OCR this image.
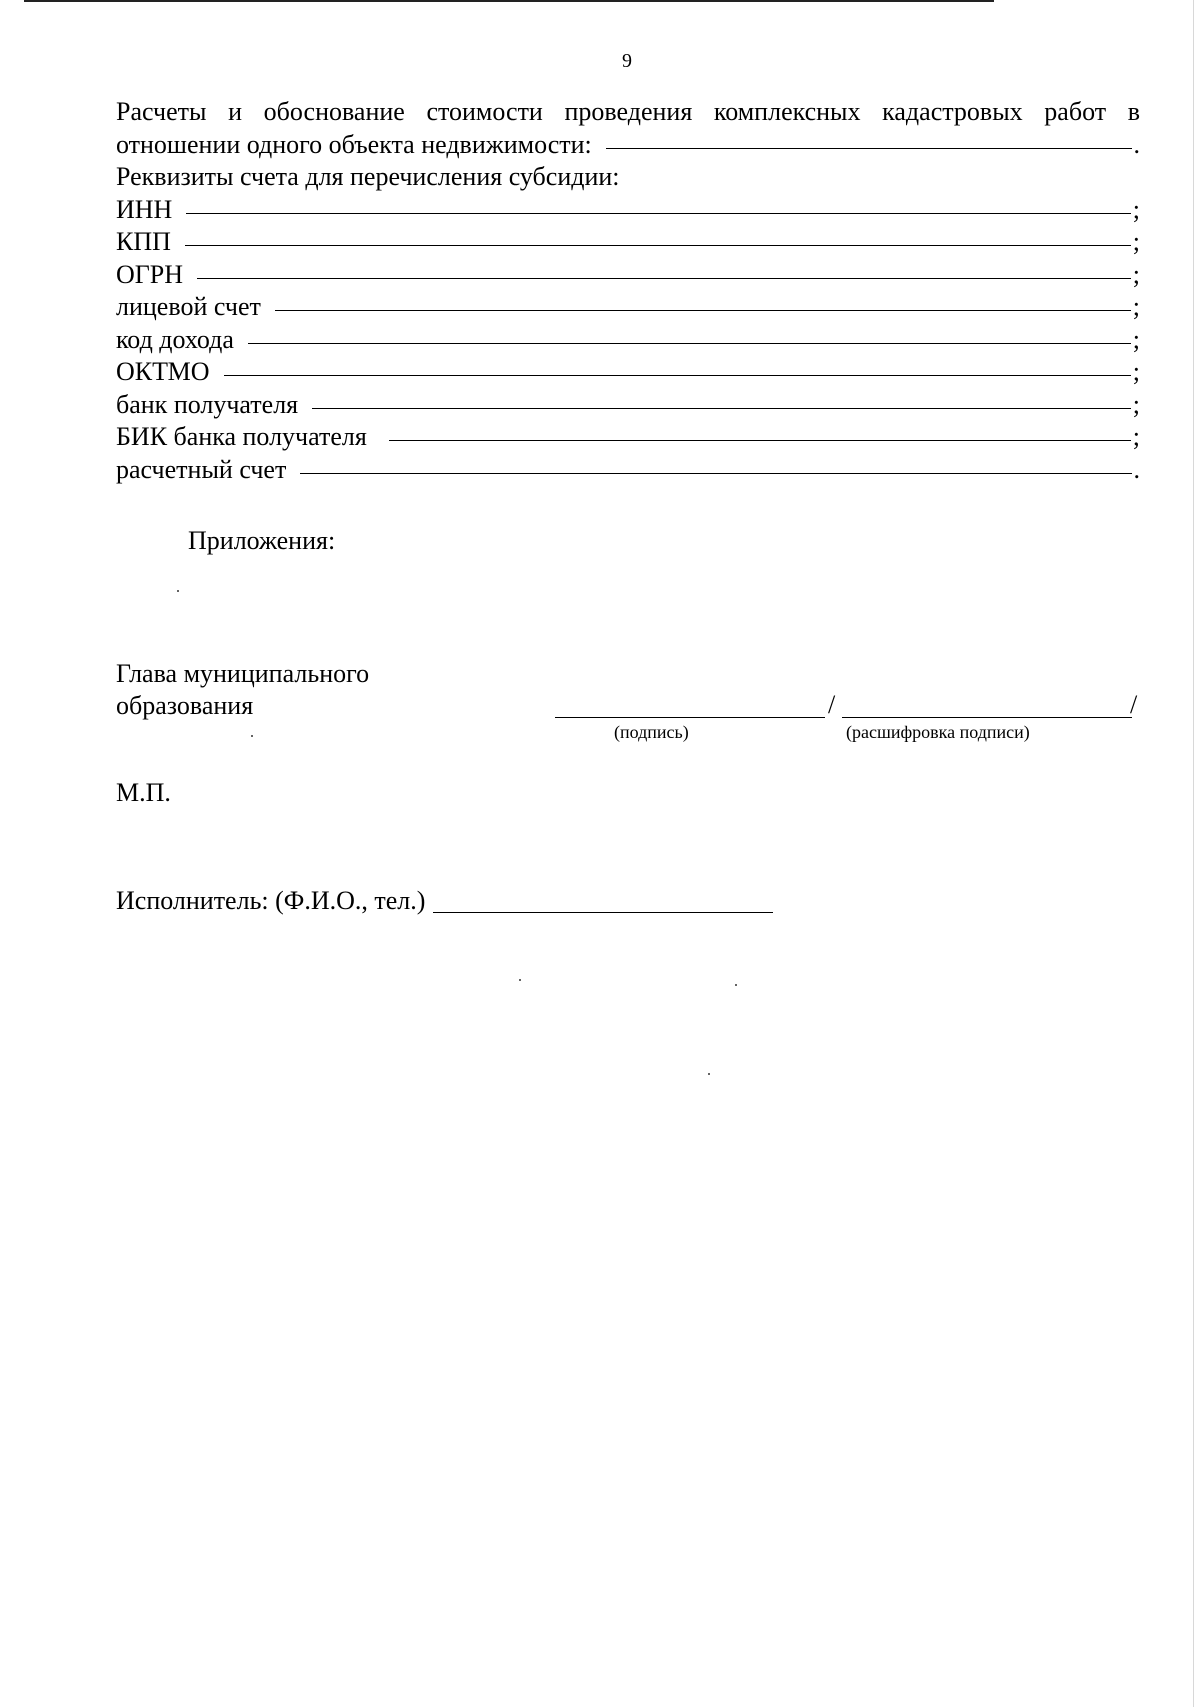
9
Расчеты и обоснование стоимости проведения комплексных кадастровых работ в
отношении одного объекта недвижимости:	.
Реквизиты счета для перечисления субсидии:
ИНН	;
КПП	;
ОГРН	;
лицевой счет	;
код дохода	;
ОКТМО	;
банк получателя	;
БИК банка получателя	;
расчетный счет	.
Приложения:
Глава муниципального
образования	/	/
(подпись)	(расшифровка подписи)
М.П.
Исполнитель: (Ф.И.О., тел.)
